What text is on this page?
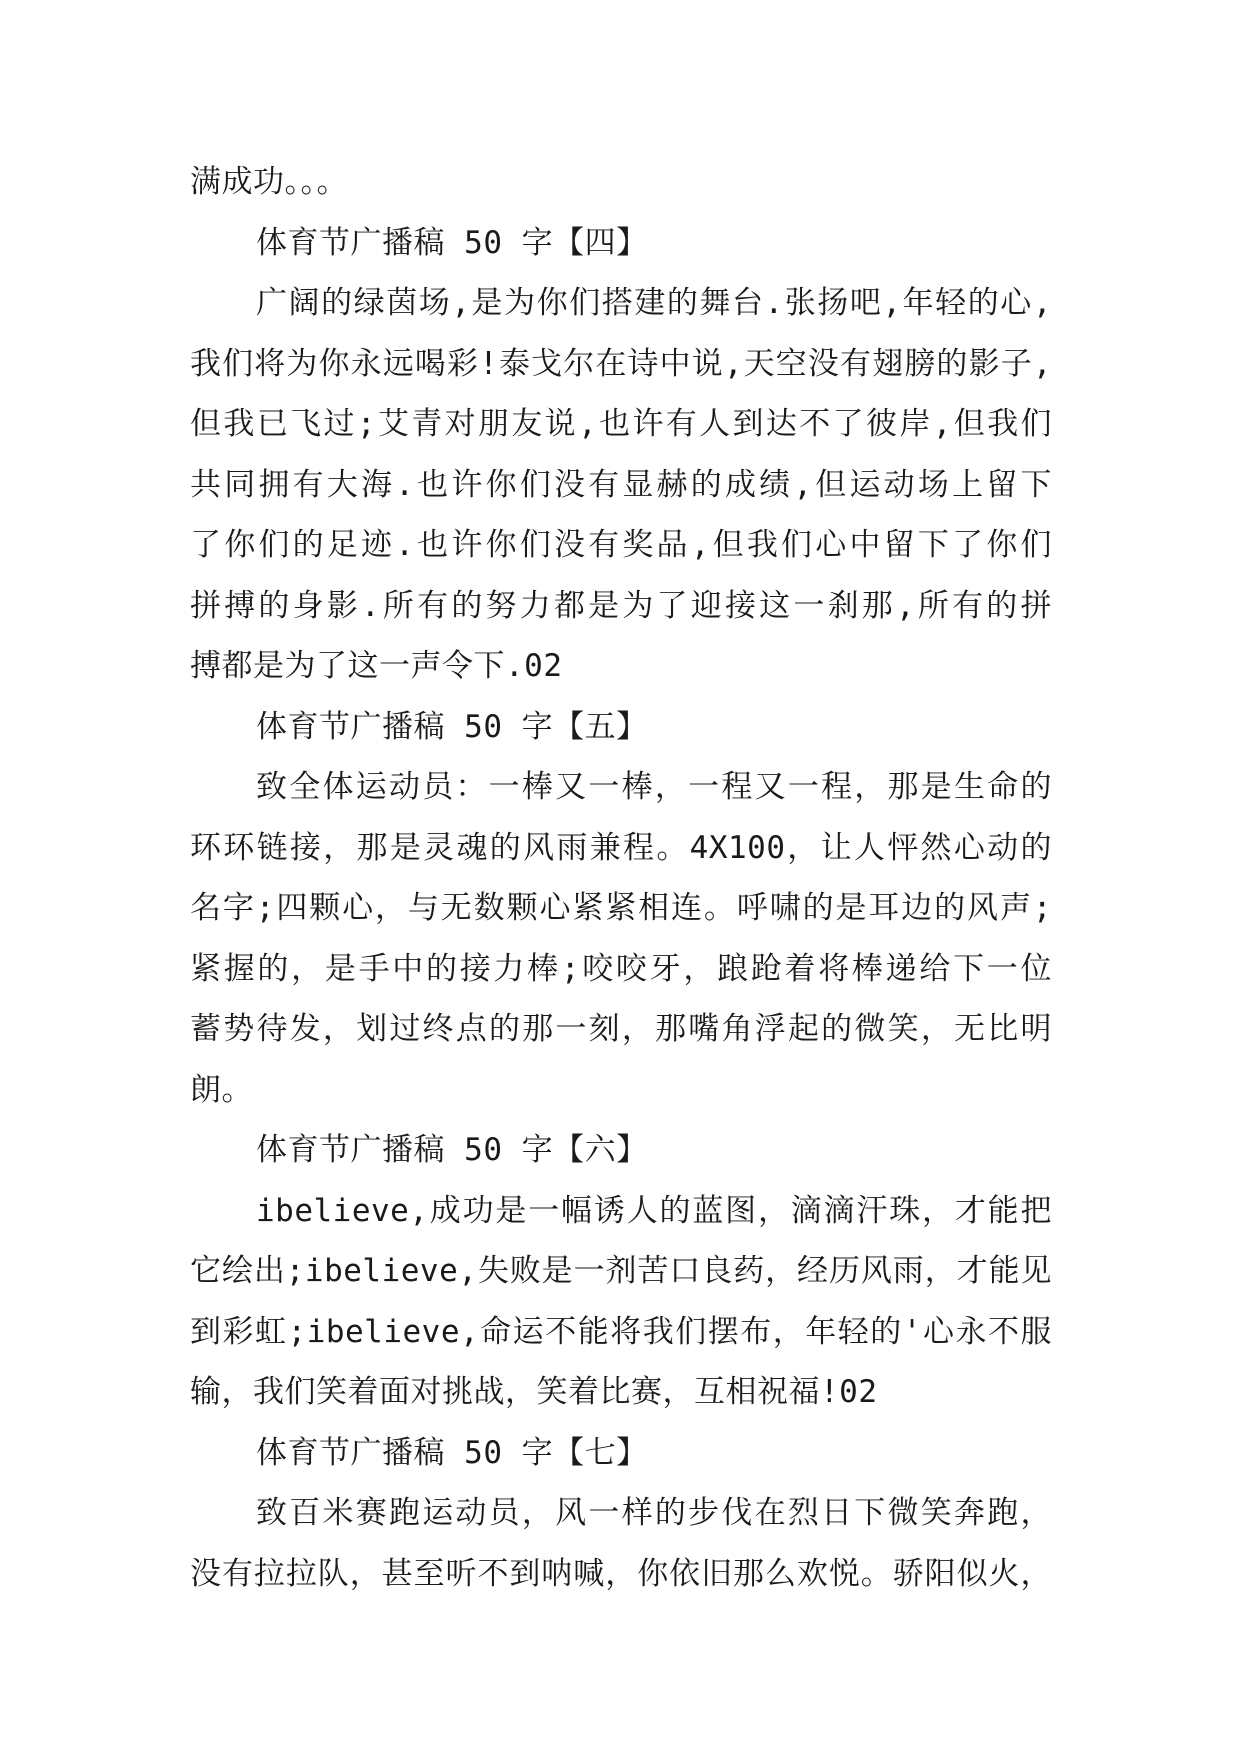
满成功。。。
体育节广播稿 50 字【四】
广阔的绿茵场,是为你们搭建的舞台.张扬吧,年轻的心,
我们将为你永远喝彩!泰戈尔在诗中说,天空没有翅膀的影子,
但我已飞过;艾青对朋友说,也许有人到达不了彼岸,但我们
共同拥有大海.也许你们没有显赫的成绩,但运动场上留下
了你们的足迹.也许你们没有奖品,但我们心中留下了你们
拼搏的身影.所有的努力都是为了迎接这一刹那,所有的拼
搏都是为了这一声令下.02
体育节广播稿 50 字【五】
致全体运动员：一棒又一棒，一程又一程，那是生命的
环环链接，那是灵魂的风雨兼程。4X100，让人怦然心动的
名字;四颗心，与无数颗心紧紧相连。呼啸的是耳边的风声;
紧握的，是手中的接力棒;咬咬牙，踉跄着将棒递给下一位
蓄势待发，划过终点的那一刻，那嘴角浮起的微笑，无比明
朗。
体育节广播稿 50 字【六】
ibelieve,成功是一幅诱人的蓝图，滴滴汗珠，才能把
它绘出;ibelieve,失败是一剂苦口良药，经历风雨，才能见
到彩虹;ibelieve,命运不能将我们摆布，年轻的'心永不服
输，我们笑着面对挑战，笑着比赛，互相祝福!02
体育节广播稿 50 字【七】
致百米赛跑运动员，风一样的步伐在烈日下微笑奔跑，
没有拉拉队，甚至听不到呐喊，你依旧那么欢悦。骄阳似火，
